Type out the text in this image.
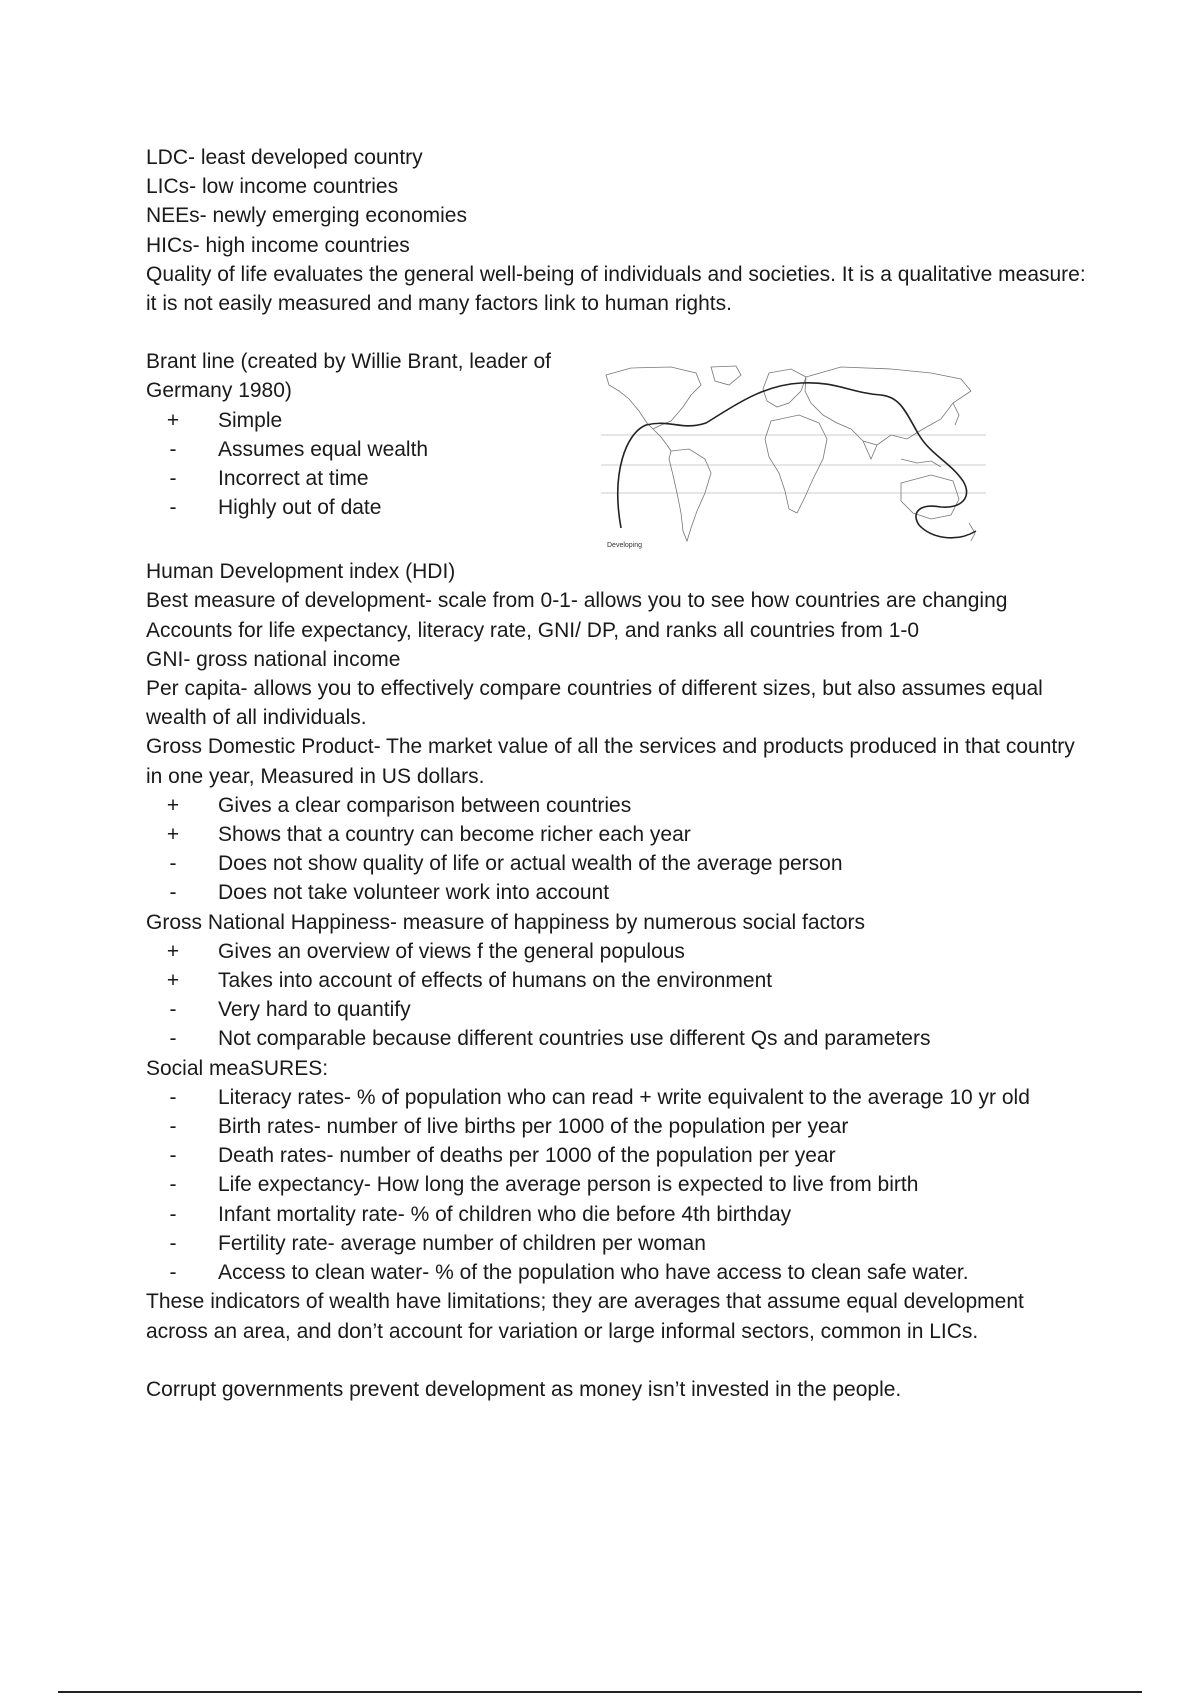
LDC- least developed country
LICs- low income countries
NEEs- newly emerging economies
HICs- high income countries
Quality of life evaluates the general well-being of individuals and societies. It is a qualitative measure: it is not easily measured and many factors link to human rights.
Brant line (created by Willie Brant, leader of
Germany 1980)
+	Simple
-	Assumes equal wealth
-	Incorrect at time
-	Highly out of date
Developing
Human Development index (HDI)
Best measure of development- scale from 0-1- allows you to see how countries are changing
Accounts for life expectancy, literacy rate, GNI/ DP, and ranks all countries from 1-0
GNI- gross national income
Per capita- allows you to effectively compare countries of different sizes, but also assumes equal wealth of all individuals.
Gross Domestic Product- The market value of all the services and products produced in that country in one year, Measured in US dollars.
+	Gives a clear comparison between countries
+	Shows that a country can become richer each year
-	Does not show quality of life or actual wealth of the average person
-	Does not take volunteer work into account
Gross National Happiness- measure of happiness by numerous social factors
+	Gives an overview of views f the general populous
+	Takes into account of effects of humans on the environment
-	Very hard to quantify
-	Not comparable because different countries use different Qs and parameters
Social meaSURES:
-	Literacy rates- % of population who can read + write equivalent to the average 10 yr old
-	Birth rates- number of live births per 1000 of the population per year
-	Death rates- number of deaths per 1000 of the population per year
-	Life expectancy- How long the average person is expected to live from birth
-	Infant mortality rate- % of children who die before 4th birthday
-	Fertility rate- average number of children per woman
-	Access to clean water- % of the population who have access to clean safe water.
These indicators of wealth have limitations; they are averages that assume equal development across an area, and don’t account for variation or large informal sectors, common in LICs.
Corrupt governments prevent development as money isn’t invested in the people.
